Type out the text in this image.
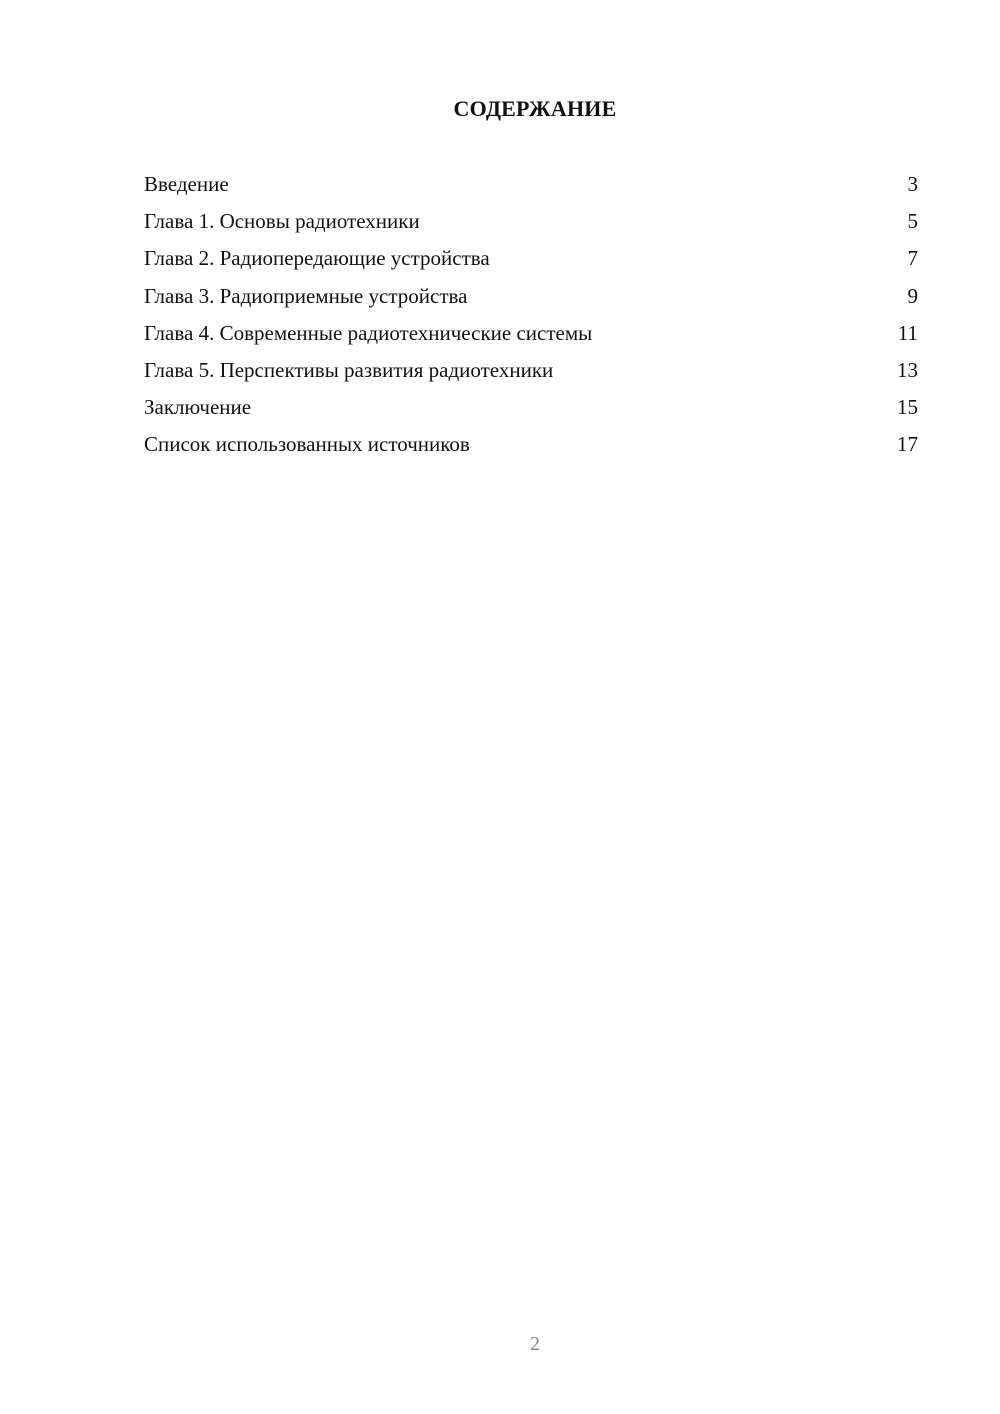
СОДЕРЖАНИЕ
Введение	3
Глава 1. Основы радиотехники	5
Глава 2. Радиопередающие устройства	7
Глава 3. Радиоприемные устройства	9
Глава 4. Современные радиотехнические системы	11
Глава 5. Перспективы развития радиотехники	13
Заключение	15
Список использованных источников	17

2
